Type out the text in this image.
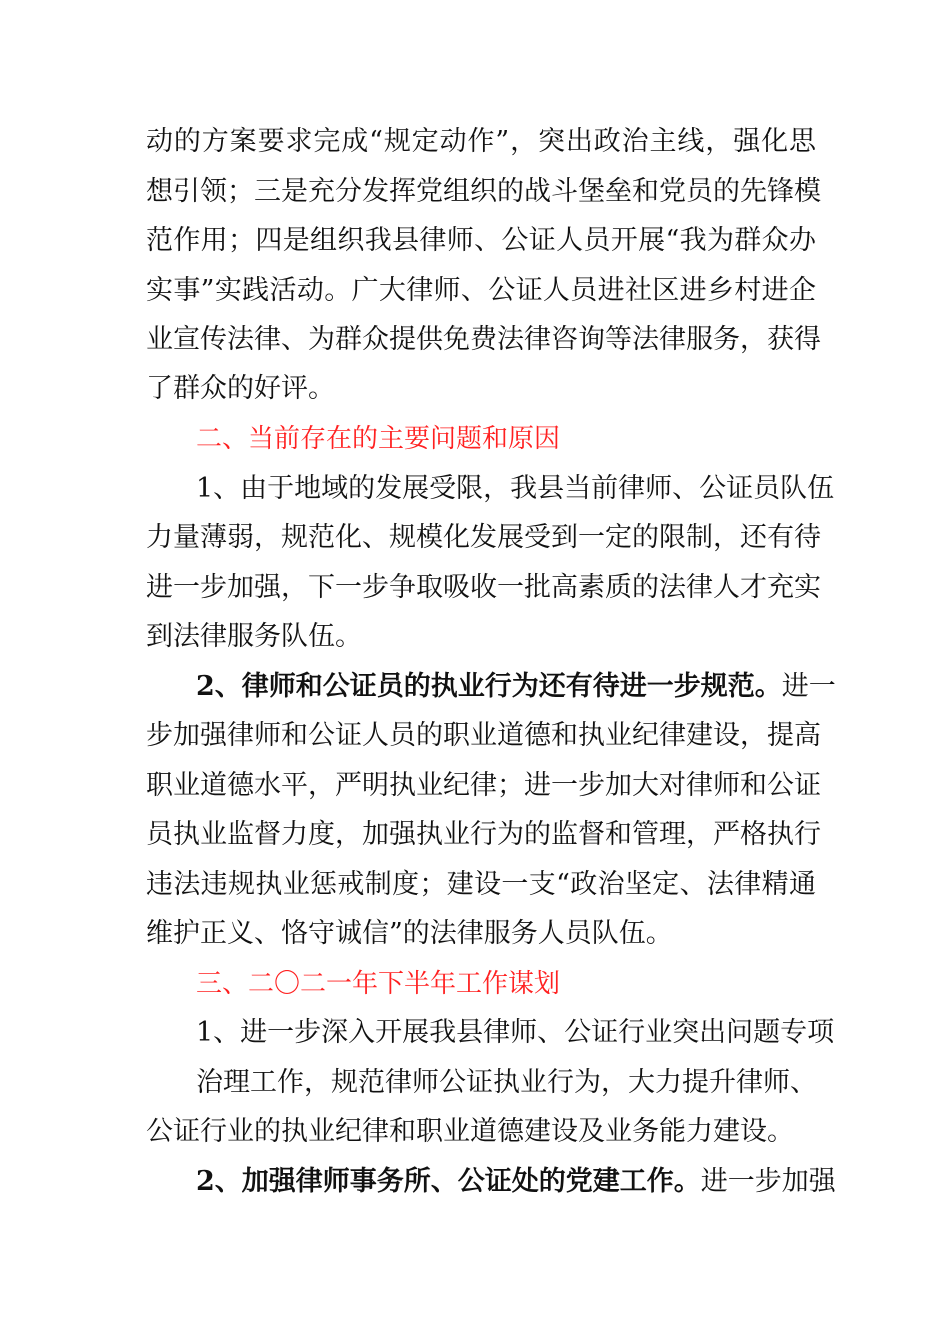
动的方案要求完成“规定动作”，突出政治主线，强化思
想引领；三是充分发挥党组织的战斗堡垒和党员的先锋模
范作用；四是组织我县律师、公证人员开展“我为群众办
实事”实践活动。广大律师、公证人员进社区进乡村进企
业宣传法律、为群众提供免费法律咨询等法律服务，获得
了群众的好评。
二、当前存在的主要问题和原因
1、由于地域的发展受限，我县当前律师、公证员队伍
力量薄弱，规范化、规模化发展受到一定的限制，还有待
进一步加强，下一步争取吸收一批高素质的法律人才充实
到法律服务队伍。
2、律师和公证员的执业行为还有待进一步规范。进一
步加强律师和公证人员的职业道德和执业纪律建设，提高
职业道德水平，严明执业纪律；进一步加大对律师和公证
员执业监督力度，加强执业行为的监督和管理，严格执行
违法违规执业惩戒制度；建设一支“政治坚定、法律精通
维护正义、恪守诚信”的法律服务人员队伍。
三、二〇二一年下半年工作谋划
1、进一步深入开展我县律师、公证行业突出问题专项
治理工作，规范律师公证执业行为，大力提升律师、
公证行业的执业纪律和职业道德建设及业务能力建设。
2、加强律师事务所、公证处的党建工作。进一步加强
